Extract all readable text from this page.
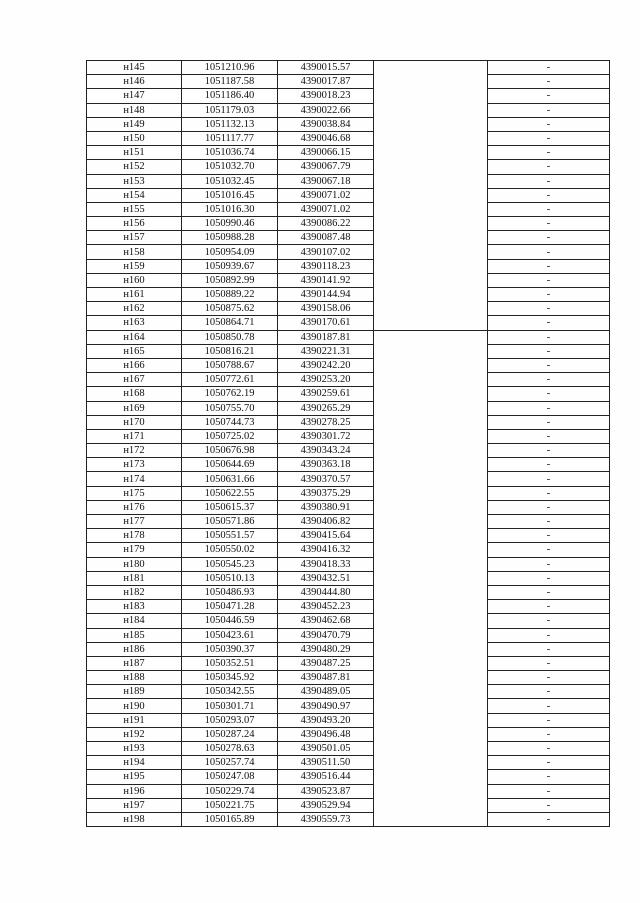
н145	1051210.96	4390015.57		-
н146	1051187.58	4390017.87		-
н147	1051186.40	4390018.23		-
н148	1051179.03	4390022.66		-
н149	1051132.13	4390038.84		-
н150	1051117.77	4390046.68		-
н151	1051036.74	4390066.15		-
н152	1051032.70	4390067.79		-
н153	1051032.45	4390067.18		-
н154	1051016.45	4390071.02		-
н155	1051016.30	4390071.02		-
н156	1050990.46	4390086.22		-
н157	1050988.28	4390087.48		-
н158	1050954.09	4390107.02		-
н159	1050939.67	4390118.23		-
н160	1050892.99	4390141.92		-
н161	1050889.22	4390144.94		-
н162	1050875.62	4390158.06		-
н163	1050864.71	4390170.61		-
н164	1050850.78	4390187.81		-
н165	1050816.21	4390221.31		-
н166	1050788.67	4390242.20		-
н167	1050772.61	4390253.20		-
н168	1050762.19	4390259.61		-
н169	1050755.70	4390265.29		-
н170	1050744.73	4390278.25		-
н171	1050725.02	4390301.72		-
н172	1050676.98	4390343.24		-
н173	1050644.69	4390363.18		-
н174	1050631.66	4390370.57		-
н175	1050622.55	4390375.29		-
н176	1050615.37	4390380.91		-
н177	1050571.86	4390406.82		-
н178	1050551.57	4390415.64		-
н179	1050550.02	4390416.32		-
н180	1050545.23	4390418.33		-
н181	1050510.13	4390432.51		-
н182	1050486.93	4390444.80		-
н183	1050471.28	4390452.23		-
н184	1050446.59	4390462.68		-
н185	1050423.61	4390470.79		-
н186	1050390.37	4390480.29		-
н187	1050352.51	4390487.25		-
н188	1050345.92	4390487.81		-
н189	1050342.55	4390489.05		-
н190	1050301.71	4390490.97		-
н191	1050293.07	4390493.20		-
н192	1050287.24	4390496.48		-
н193	1050278.63	4390501.05		-
н194	1050257.74	4390511.50		-
н195	1050247.08	4390516.44		-
н196	1050229.74	4390523.87		-
н197	1050221.75	4390529.94		-
н198	1050165.89	4390559.73		-
